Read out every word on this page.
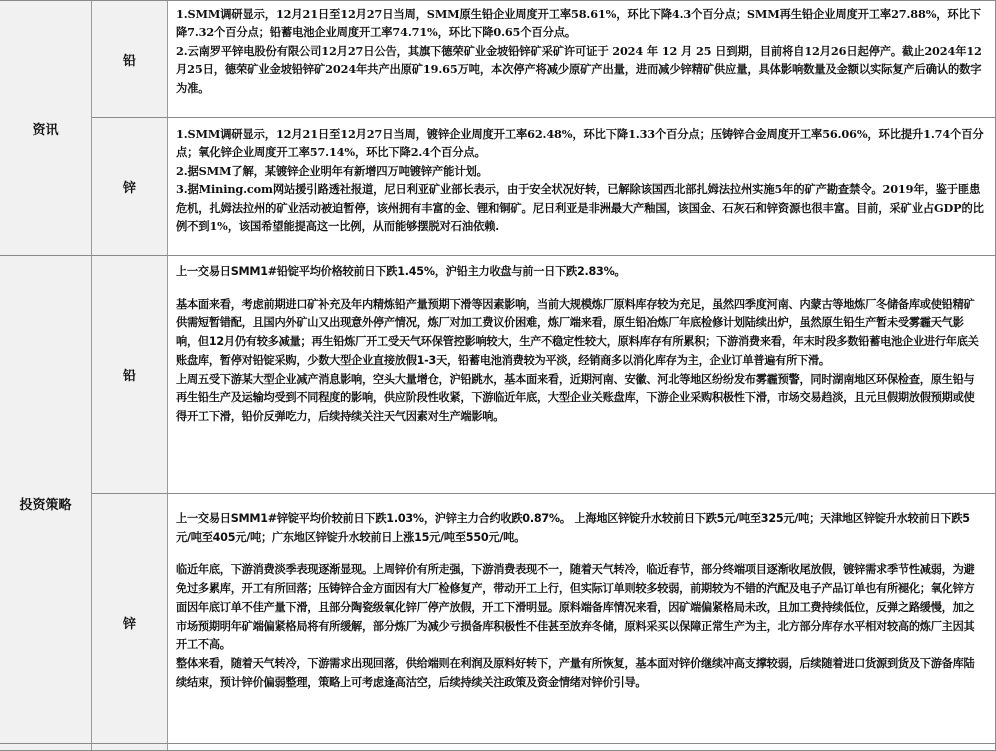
资讯
投资策略
铅
锌
铅
锌

1.SMM调研显示，12月21日至12月27日当周，SMM原生铅企业周度开工率58.61%，环比下降4.3个百分点；SMM再生铅企业周度开工率27.88%，环比下降7.32个百分点；铅蓄电池企业周度开工率74.71%，环比下降0.65个百分点。

2.云南罗平锌电股份有限公司12月27日公告，其旗下德荣矿业金坡铅锌矿采矿许可证于 2024 年 12 月 25 日到期，目前将自12月26日起停产。截止2024年12月25日，德荣矿业金坡铅锌矿2024年共产出原矿19.65万吨，本次停产将减少原矿产出量，进而减少锌精矿供应量，具体影响数量及金额以实际复产后确认的数字为准。

1.SMM调研显示，12月21日至12月27日当周，镀锌企业周度开工率62.48%，环比下降1.33个百分点；压铸锌合金周度开工率56.06%，环比提升1.74个百分点；氧化锌企业周度开工率57.14%，环比下降2.4个百分点。

2.据SMM了解，某镀锌企业明年有新增四万吨镀锌产能计划。

3.据Mining.com网站援引路透社报道，尼日利亚矿业部长表示，由于安全状况好转，已解除该国西北部扎姆法拉州实施5年的矿产勘查禁令。2019年，鉴于匪患危机，扎姆法拉州的矿业活动被迫暂停，该州拥有丰富的金、锂和铜矿。尼日利亚是非洲最大产釉国，该国金、石灰石和锌资源也很丰富。目前，采矿业占GDP的比例不到1%，该国希望能提高这一比例，从而能够摆脱对石油依赖.

上一交易日SMM1#铅锭平均价格较前日下跌1.45%，沪铅主力收盘与前一日下跌2.83%。

基本面来看，考虑前期进口矿补充及年内精炼铅产量预期下滑等因素影响，当前大规模炼厂原料库存较为充足，虽然四季度河南、内蒙古等地炼厂冬储备库或使铅精矿供需短暂错配，且国内外矿山又出现意外停产情况，炼厂对加工费议价困难，炼厂端来看，原生铅冶炼厂年底检修计划陆续出炉，虽然原生铅生产暂未受雾霾天气影响，但12月仍有较多减量；再生铅炼厂开工受天气环保管控影响较大，生产不稳定性较大，原料库存有所累积；下游消费来看，年末时段多数铅蓄电池企业进行年底关账盘库，暂停对铅锭采购，少数大型企业直接放假1-3天，铅蓄电池消费较为平淡，经销商多以消化库存为主，企业订单普遍有所下滑。

上周五受下游某大型企业减产消息影响，空头大量增仓，沪铅跳水，基本面来看，近期河南、安徽、河北等地区纷纷发布雾霾预警，同时湖南地区环保检查，原生铅与再生铅生产及运输均受到不同程度的影响，供应阶段性收紧，下游临近年底，大型企业关账盘库，下游企业采购积极性下滑，市场交易趋淡，且元旦假期放假预期或使得开工下滑，铅价反弹吃力，后续持续关注天气因素对生产端影响。

上一交易日SMM1#锌锭平均价较前日下跌1.03%，沪锌主力合约收跌0.87%。 上海地区锌锭升水较前日下跌5元/吨至325元/吨；天津地区锌锭升水较前日下跌5元/吨至405元/吨；广东地区锌锭升水较前日上涨15元/吨至550元/吨。

临近年底，下游消费淡季表现逐渐显现。上周锌价有所走强，下游消费表现不一，随着天气转冷，临近春节，部分终端项目逐渐收尾放假，镀锌需求季节性减弱，为避免过多累库，开工有所回落；压铸锌合金方面因有大厂检修复产，带动开工上行，但实际订单则较多较弱，前期较为不错的汽配及电子产品订单也有所褪化；氧化锌方面因年底订单不佳产量下滑，且部分陶瓷级氧化锌厂停产放假，开工下滑明显。原料端备库情况来看，因矿端偏紧格局未改，且加工费持续低位，反弹之路缓慢，加之市场预期明年矿端偏紧格局将有所缓解，部分炼厂为减少亏损备库积极性不佳甚至放弃冬储，原料采买以保障正常生产为主，北方部分库存水平相对较高的炼厂主因其开工不高。

整体来看，随着天气转冷，下游需求出现回落，供给端则在利润及原料好转下，产量有所恢复，基本面对锌价继续冲高支撑较弱，后续随着进口货源到货及下游备库陆续结束，预计锌价偏弱整理，策略上可考虑逢高沽空，后续持续关注政策及资金情绪对锌价引导。
